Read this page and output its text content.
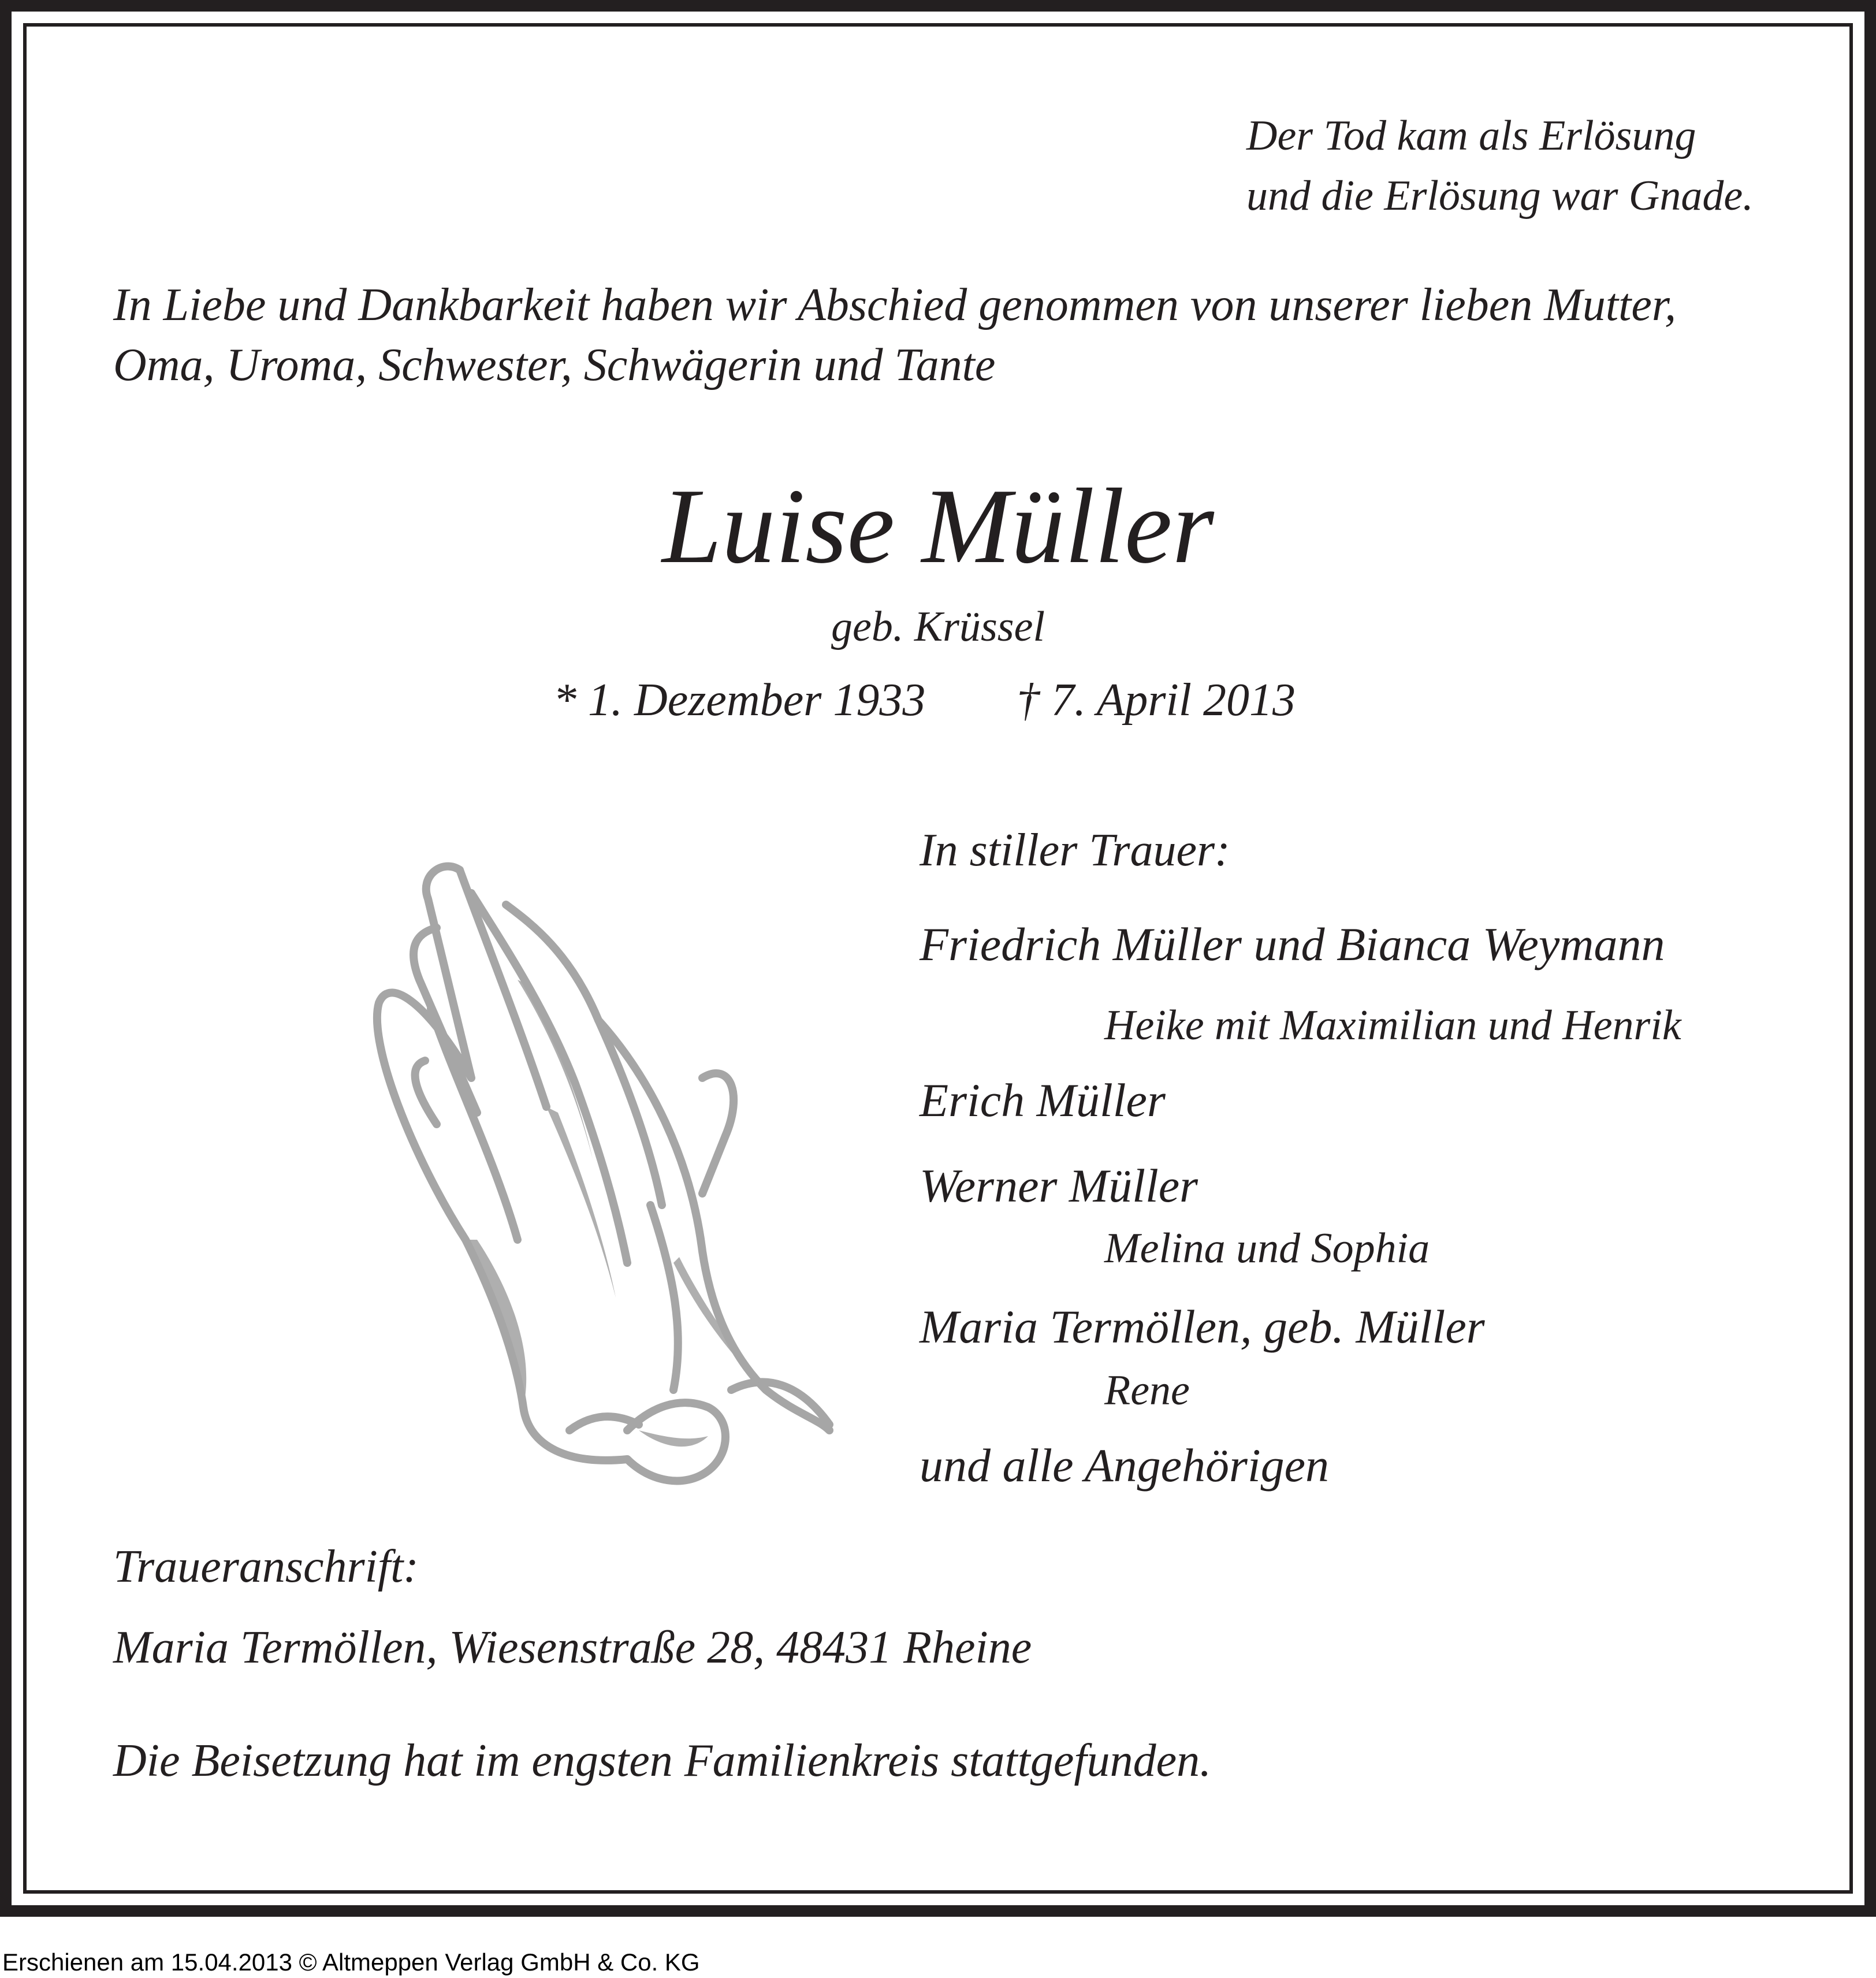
Der Tod kam als Erlösung

und die Erlösung war Gnade.

In Liebe und Dankbarkeit haben wir Abschied genommen von unserer lieben Mutter,

Oma, Uroma, Schwester, Schwägerin und Tante

Luise Müller

geb. Krüssel

* 1. Dezember 1933 † 7. April 2013

In stiller Trauer:

Friedrich Müller und Bianca Weymann

Heike mit Maximilian und Henrik

Erich Müller

Werner Müller

Melina und Sophia

Maria Termöllen, geb. Müller

Rene

und alle Angehörigen

Traueranschrift:

Maria Termöllen, Wiesenstraße 28, 48431 Rheine

Die Beisetzung hat im engsten Familienkreis stattgefunden.

Erschienen am 15.04.2013 © Altmeppen Verlag GmbH & Co. KG
